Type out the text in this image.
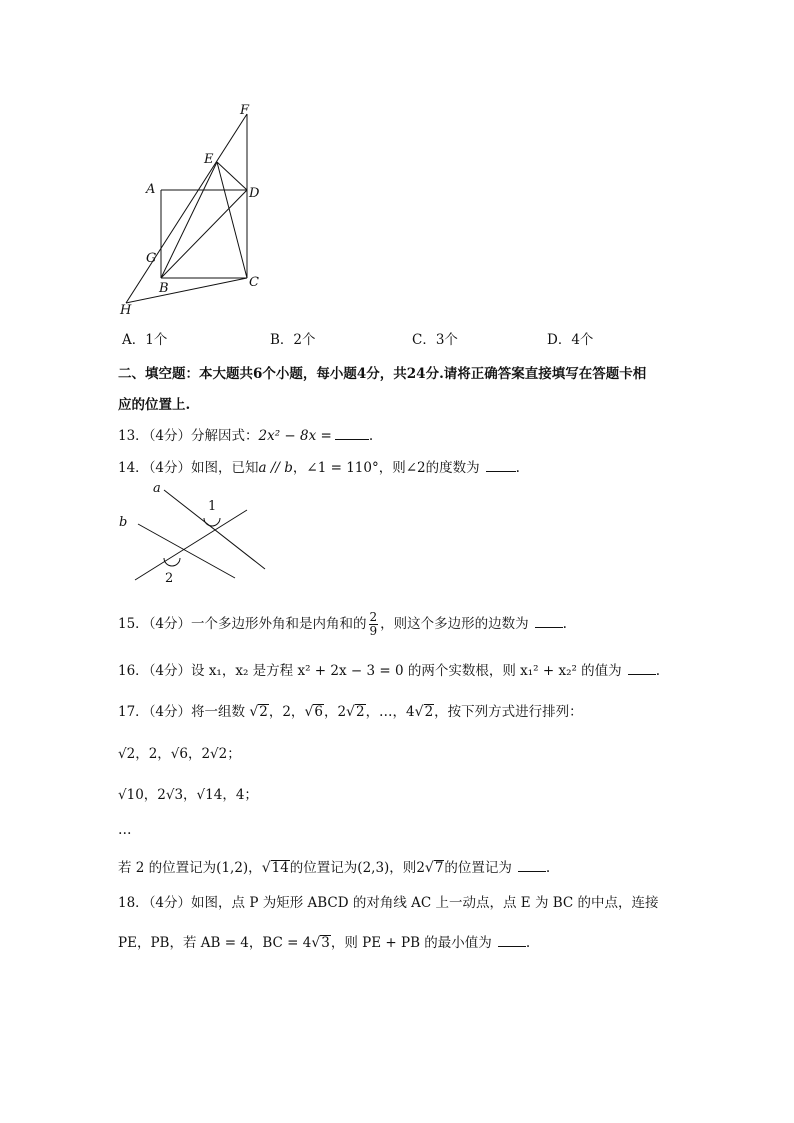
F
E
A	D
G
B	C
H
A．1个	B．2个	C．3个	D．4个
二、填空题：本大题共6个小题，每小题4分，共24分.请将正确答案直接填写在答题卡相
应的位置上.
13．（4分）分解因式：2x² − 8x =	.
14．（4分）如图，已知a // b，∠1 = 110°，则∠2的度数为	.
a
b
1
2
15．（4分）一个多边形外角和是内角和的 $\frac{2}{9}$ ，则这个多边形的边数为	.
16．（4分）设 x₁，x₂ 是方程 x² + 2x − 3 = 0 的两个实数根，则 x₁² + x₂² 的值为	.
17．（4分）将一组数 √2，2，√6，2√2，…，4√2，按下列方式进行排列：
√2，2，√6，2√2；
√10，2√3，√14，4；
…
若 2 的位置记为(1,2)，√14的位置记为(2,3)，则2√7的位置记为	.
18．（4分）如图，点 P 为矩形 ABCD 的对角线 AC 上一动点，点 E 为 BC 的中点，连接
PE，PB，若 AB = 4，BC = 4√3，则 PE + PB 的最小值为	.
